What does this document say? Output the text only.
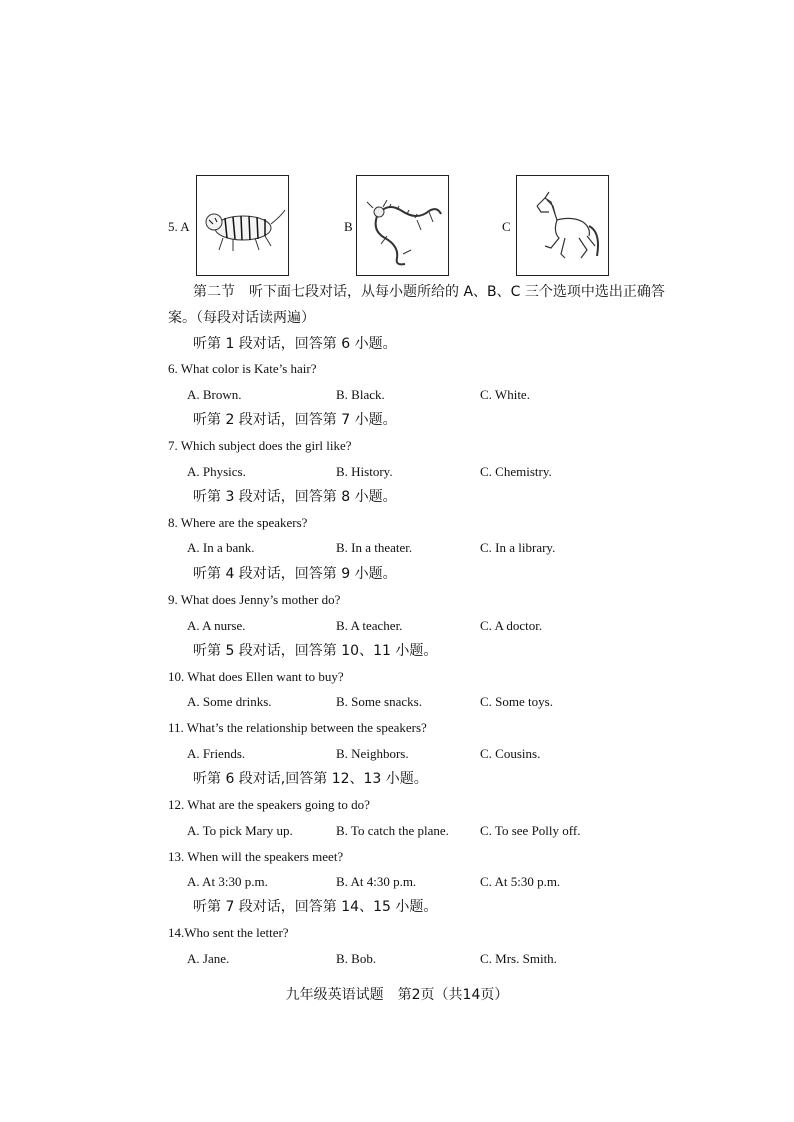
5. A	B	C
第二节　听下面七段对话，从每小题所给的 A、B、C 三个选项中选出正确答
案。（每段对话读两遍）
听第 1 段对话，回答第 6 小题。
6. What color is Kate’s hair?
A. Brown.	B. Black.	C. White.
听第 2 段对话，回答第 7 小题。
7. Which subject does the girl like?
A. Physics.	B. History.	C. Chemistry.
听第 3 段对话，回答第 8 小题。
8. Where are the speakers?
A. In a bank.	B. In a theater.	C. In a library.
听第 4 段对话，回答第 9 小题。
9. What does Jenny’s mother do?
A. A nurse.	B. A teacher.	C. A doctor.
听第 5 段对话，回答第 10、11 小题。
10. What does Ellen want to buy?
A. Some drinks.	B. Some snacks.	C. Some toys.
11. What’s the relationship between the speakers?
A. Friends.	B. Neighbors.	C. Cousins.
听第 6 段对话,回答第 12、13 小题。
12. What are the speakers going to do?
A. To pick Mary up.	B. To catch the plane. C. To see Polly off.
13. When will the speakers meet?
A. At 3:30 p.m.	B. At 4:30 p.m.	C. At 5:30 p.m.
听第 7 段对话，回答第 14、15 小题。
14.Who sent the letter?
A. Jane.	B. Bob.	C. Mrs. Smith.
九年级英语试题　第2页（共14页）
